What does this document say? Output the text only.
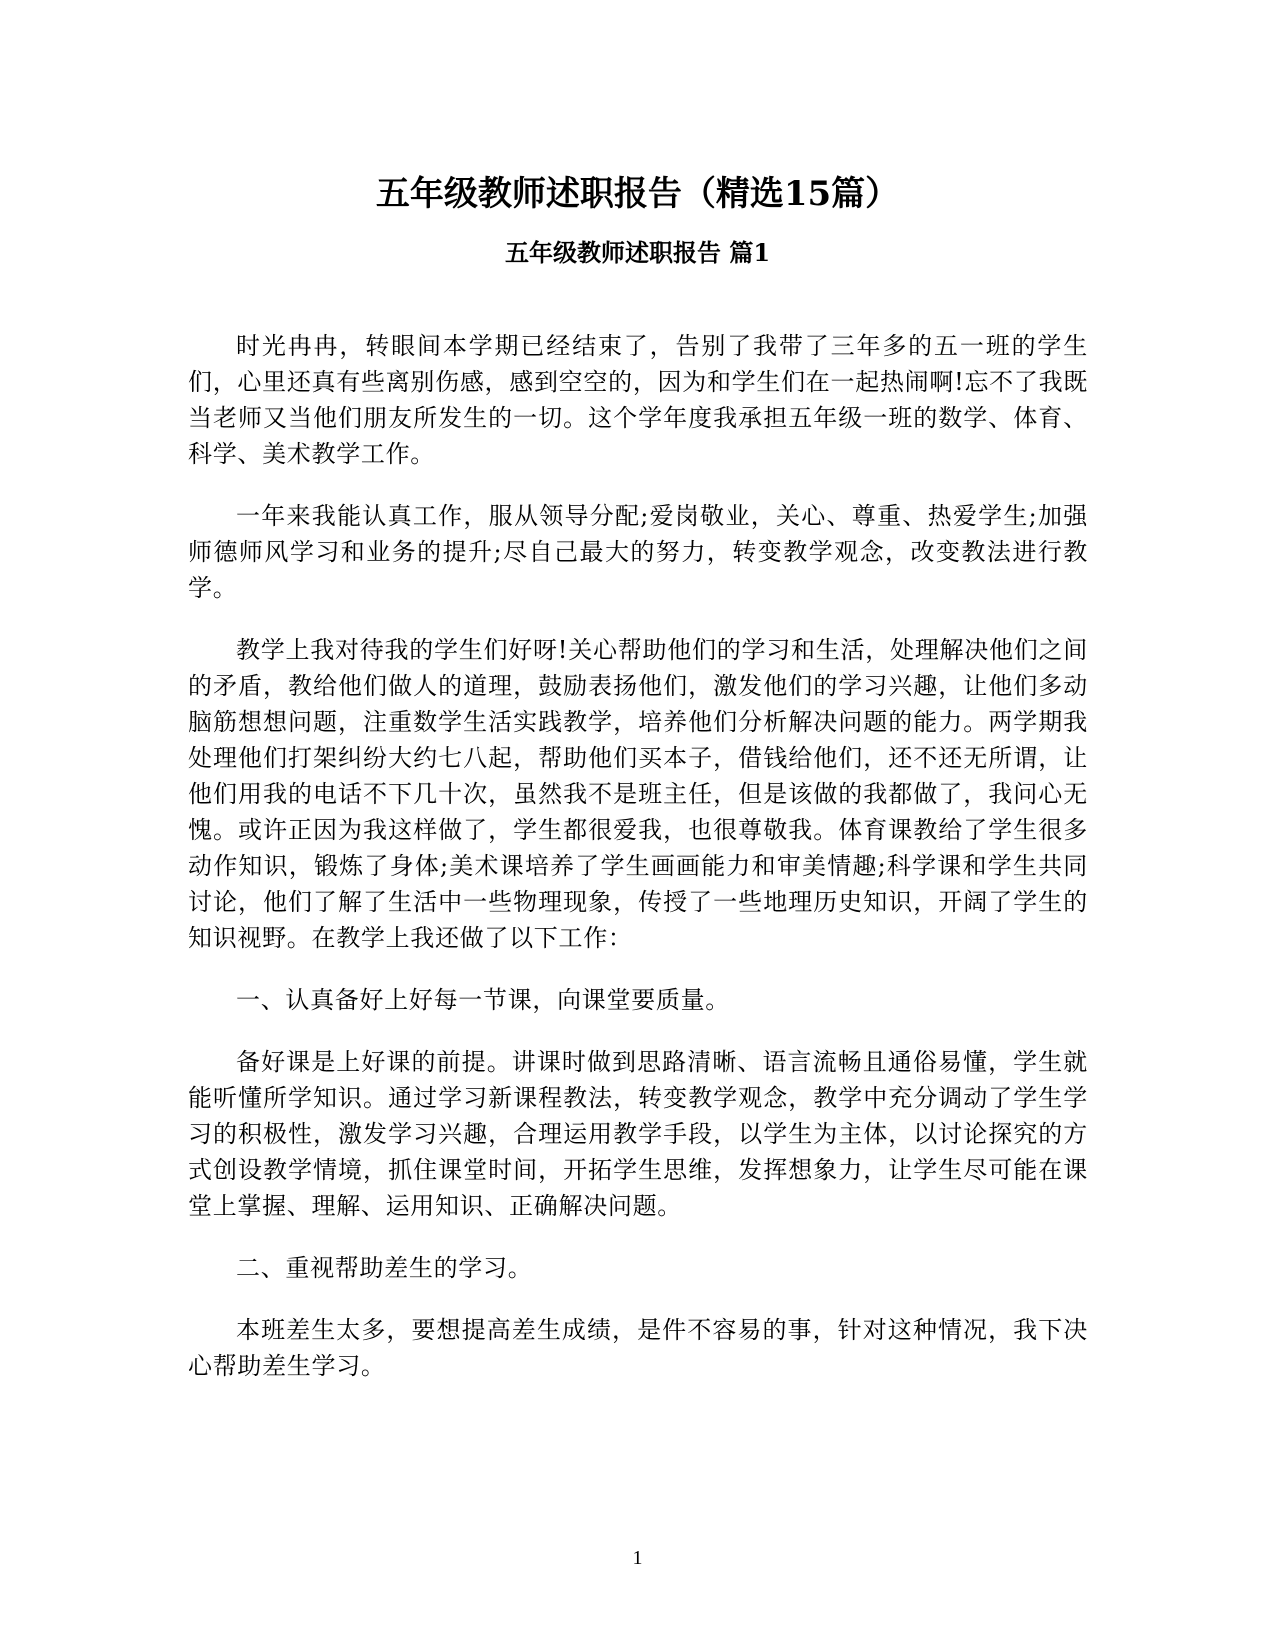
五年级教师述职报告（精选15篇）
五年级教师述职报告 篇1

时光冉冉，转眼间本学期已经结束了，告别了我带了三年多的五一班的学生们，心里还真有些离别伤感，感到空空的，因为和学生们在一起热闹啊!忘不了我既当老师又当他们朋友所发生的一切。这个学年度我承担五年级一班的数学、体育、科学、美术教学工作。

一年来我能认真工作，服从领导分配;爱岗敬业，关心、尊重、热爱学生;加强师德师风学习和业务的提升;尽自己最大的努力，转变教学观念，改变教法进行教学。

教学上我对待我的学生们好呀!关心帮助他们的学习和生活，处理解决他们之间的矛盾，教给他们做人的道理，鼓励表扬他们，激发他们的学习兴趣，让他们多动脑筋想想问题，注重数学生活实践教学，培养他们分析解决问题的能力。两学期我处理他们打架纠纷大约七八起，帮助他们买本子，借钱给他们，还不还无所谓，让他们用我的电话不下几十次，虽然我不是班主任，但是该做的我都做了，我问心无愧。或许正因为我这样做了，学生都很爱我，也很尊敬我。体育课教给了学生很多动作知识，锻炼了身体;美术课培养了学生画画能力和审美情趣;科学课和学生共同讨论，他们了解了生活中一些物理现象，传授了一些地理历史知识，开阔了学生的知识视野。在教学上我还做了以下工作：

一、认真备好上好每一节课，向课堂要质量。

备好课是上好课的前提。讲课时做到思路清晰、语言流畅且通俗易懂，学生就能听懂所学知识。通过学习新课程教法，转变教学观念，教学中充分调动了学生学习的积极性，激发学习兴趣，合理运用教学手段，以学生为主体，以讨论探究的方式创设教学情境，抓住课堂时间，开拓学生思维，发挥想象力，让学生尽可能在课堂上掌握、理解、运用知识、正确解决问题。

二、重视帮助差生的学习。

本班差生太多，要想提高差生成绩，是件不容易的事，针对这种情况，我下决心帮助差生学习。

1
